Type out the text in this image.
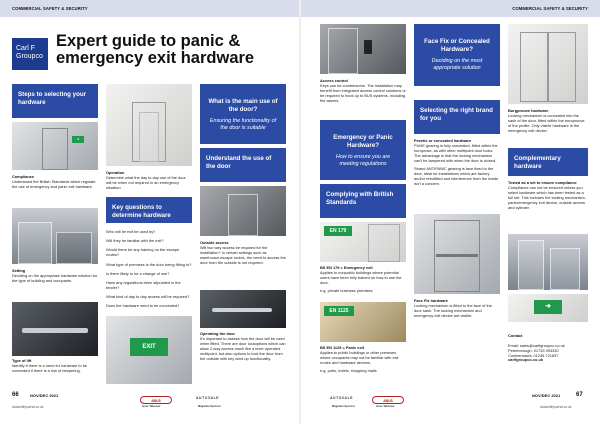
COMMERCIAL SAFETY & SECURITY	COMMERCIAL SAFETY & SECURITY
Carl F
Groupco
Expert guide to panic & emergency exit hardware
Steps to selecting your hardware
➜
Compliance
Understand the British Standards which regulate the use of emergency and panic exit hardware.
Setting
Deciding on the appropriate hardware solution for the type of building and occupants.
Type of lift
Identify if there is a need for hardware to be concealed if there is a risk of tampering.
Operation
Determine what the day to day use of the door will be when not required in an emergency situation.
Key questions to determine hardware
Who will be exit be used by?
Will they be familiar with the exit?
Would there be any training on the escape routes?
What type of premises is the door being fitting to?
Is there likely to be a change of use?
Have any regulations been stipulated in the tender?
What kind of day to day access will be required?
Does the hardware need to be concealed?
EXIT
What is the main use of the door?
Ensuring the functionality of the door is suitable
Understand the use of the door
Outside access
Will two way access be required for the installation? In certain settings such as warehouse escape routes, the need to access the door from the outside is not required.
Operating the door
It's important to assess how the door will be used when fitted. There are door lockoptions which can allow 2-way access much like a lever operated multipoint, but also options to lock the door from the outside with key wind up functionality.
Access control
Keys can be cumbersome. The installation may benefit from integrated access control solutions or be required to hook up to BUS systems, including fire alarms.
Emergency or Panic Hardware?
How to ensure you are meeting regulations
Complying with British Standards
EN 179
BS EN 179 = Emergency exit
Applies to nonpublic buildings where potential users have been fully trained on how to use the door.
e.g. private business premises
EN 1125
BS EN 1125 = Panic exit
Applies to public buildings or other premises where occupants may not be familiar with exit routes and hardware devices.
e.g. pubs, hotels, shopping malls
Face Fix or Concealed Hardware?
Deciding on the most appropriate solution
Selecting the right brand for you
Pecetic or concealed hardware
PUHE gearing is fully concealed, fitted within the europrose, as with other multipoint door locks. The advantage is that the locking mechanism can't be tampered with when the door is closed.
Strand ANTIPANIC gearing is face fixed to the door, ideal for installations which are factory and/or retrofitted and interference from the inside isn't a concern.
Face Fix hardware
Locking mechanism is fitted to the face of the door sash. The locking mechanism and emergency exit device are visible.
Burgproove hardware
Locking mechanism is concealed into the sash of the door, fitted within the europroove of the profile. Only visible hardware is the emergency exit device.
Complementary hardware
Tested as a set to ensure compliance
Compliance can not be ensured unless you select hardware which has been tested as a full set. This includes the locking mechanism, panic/emergency exit device, outside access and cylinder.
➜

Contact

Email: sales@carlfgroupco.co.uk
Peterborough: 01733 393330
Cumbernauld: 01236 721657

carlfgroupco.co.uk
66	NOV/DEC 2021
locksmithjournal.co.uk
ABUS
Issue Takeover
AUTOVALE
Magazine Sponsor
AUTOVALE
Magazine Sponsor
ABUS
Issue Takeover
NOV/DEC 2021	67
locksmithjournal.co.uk
